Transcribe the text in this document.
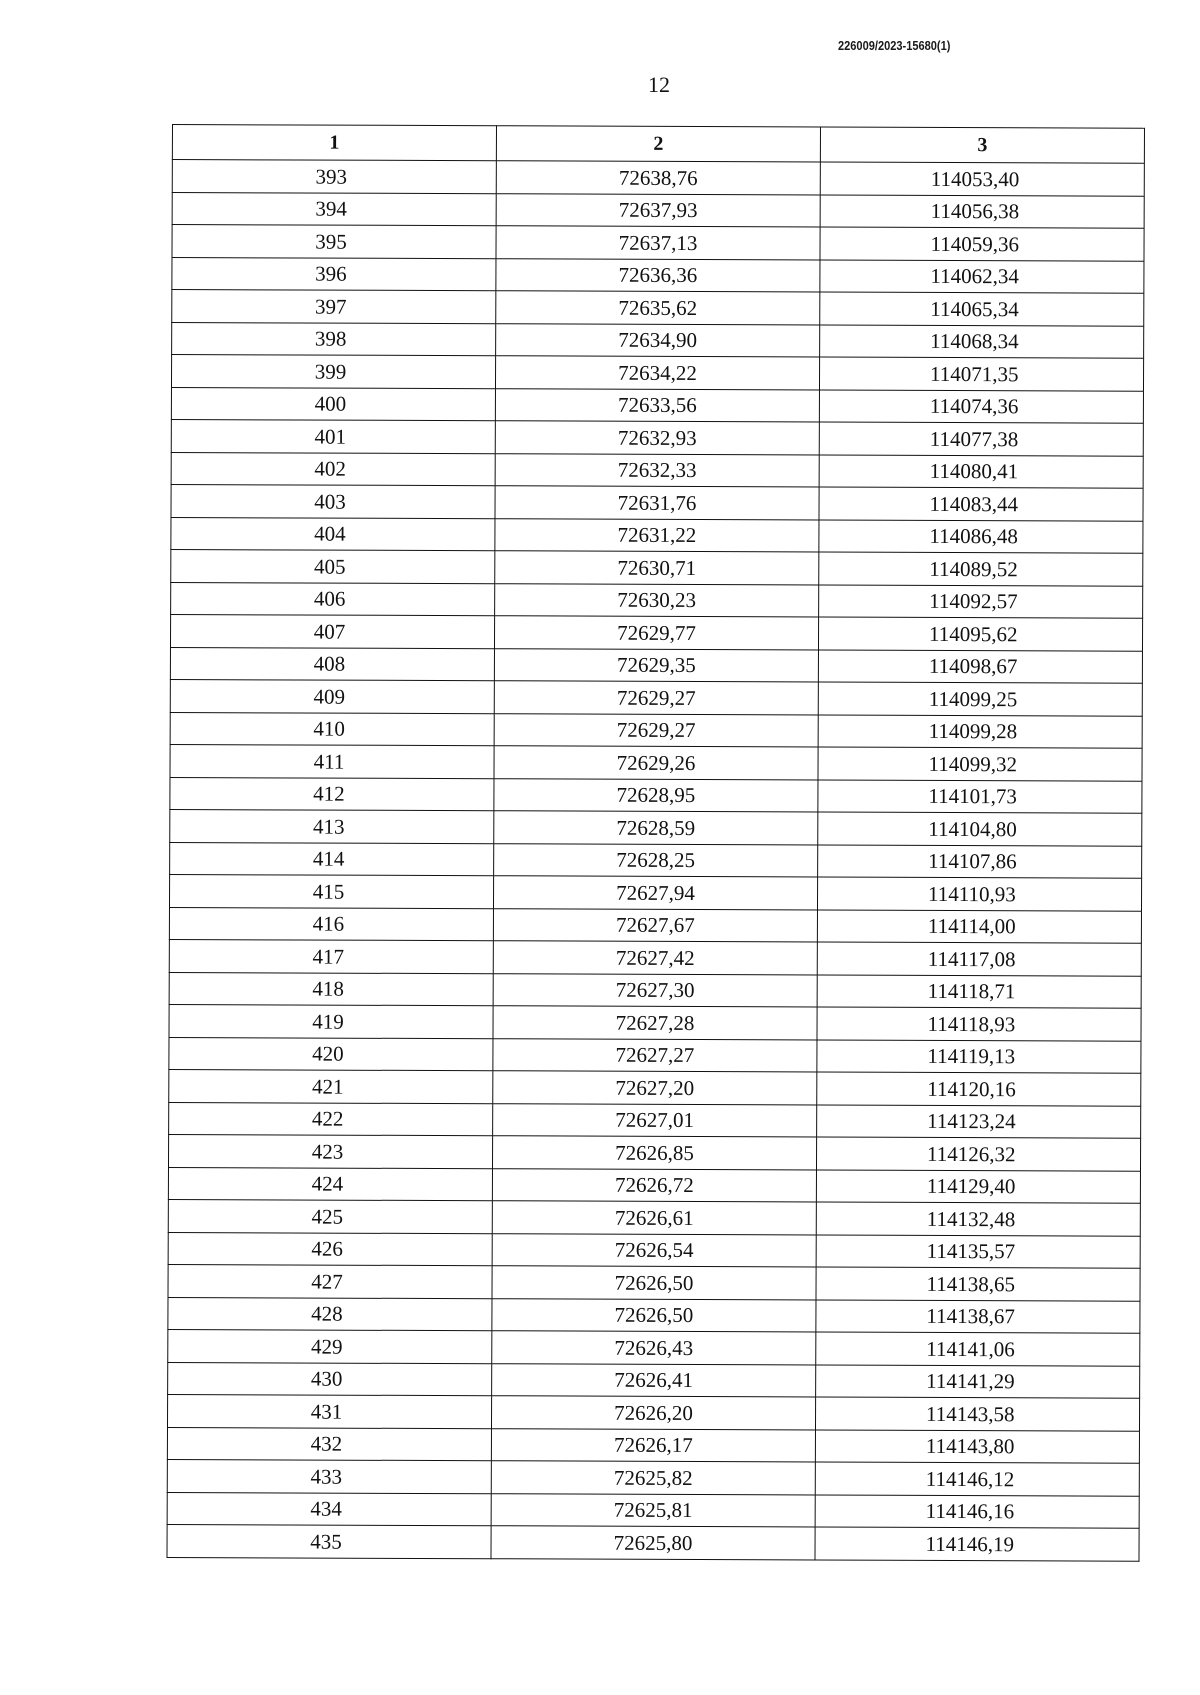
226009/2023-15680(1)
12
1	2	3
393	72638,76	114053,40
394	72637,93	114056,38
395	72637,13	114059,36
396	72636,36	114062,34
397	72635,62	114065,34
398	72634,90	114068,34
399	72634,22	114071,35
400	72633,56	114074,36
401	72632,93	114077,38
402	72632,33	114080,41
403	72631,76	114083,44
404	72631,22	114086,48
405	72630,71	114089,52
406	72630,23	114092,57
407	72629,77	114095,62
408	72629,35	114098,67
409	72629,27	114099,25
410	72629,27	114099,28
411	72629,26	114099,32
412	72628,95	114101,73
413	72628,59	114104,80
414	72628,25	114107,86
415	72627,94	114110,93
416	72627,67	114114,00
417	72627,42	114117,08
418	72627,30	114118,71
419	72627,28	114118,93
420	72627,27	114119,13
421	72627,20	114120,16
422	72627,01	114123,24
423	72626,85	114126,32
424	72626,72	114129,40
425	72626,61	114132,48
426	72626,54	114135,57
427	72626,50	114138,65
428	72626,50	114138,67
429	72626,43	114141,06
430	72626,41	114141,29
431	72626,20	114143,58
432	72626,17	114143,80
433	72625,82	114146,12
434	72625,81	114146,16
435	72625,80	114146,19
